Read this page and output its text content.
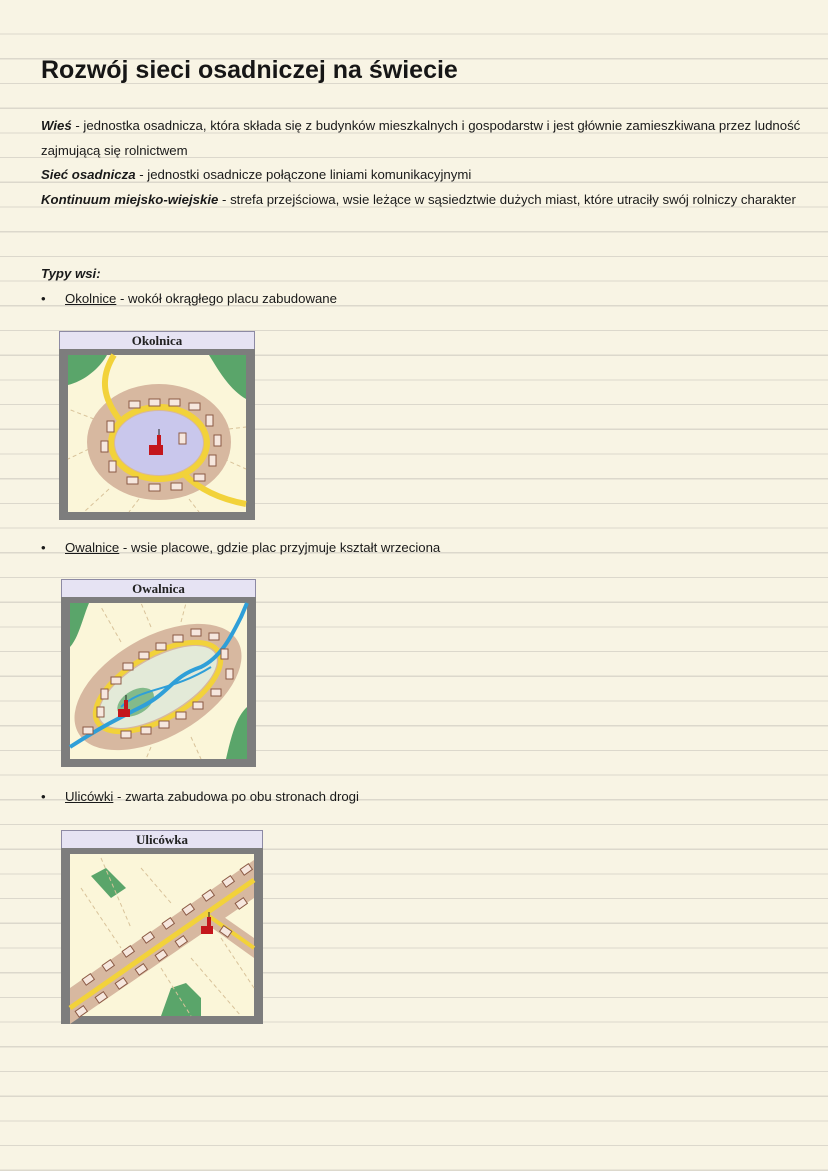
Rozwój sieci osadniczej na świecie

Wieś - jednostka osadnicza, która składa się z budynków mieszkalnych i gospodarstw i jest głównie zamieszkiwana przez ludność zajmującą się rolnictwem

Sieć osadnicza - jednostki osadnicze połączone liniami komunikacyjnymi

Kontinuum miejsko-wiejskie - strefa przejściowa, wsie leżące w sąsiedztwie dużych miast, które utraciły swój rolniczy charakter

Typy wsi:

• Okolnice - wokół okrągłego placu zabudowane
Okolnica
• Owalnice - wsie placowe, gdzie plac przyjmuje kształt wrzeciona
Owalnica
• Ulicówki - zwarta zabudowa po obu stronach drogi
Ulicówka
